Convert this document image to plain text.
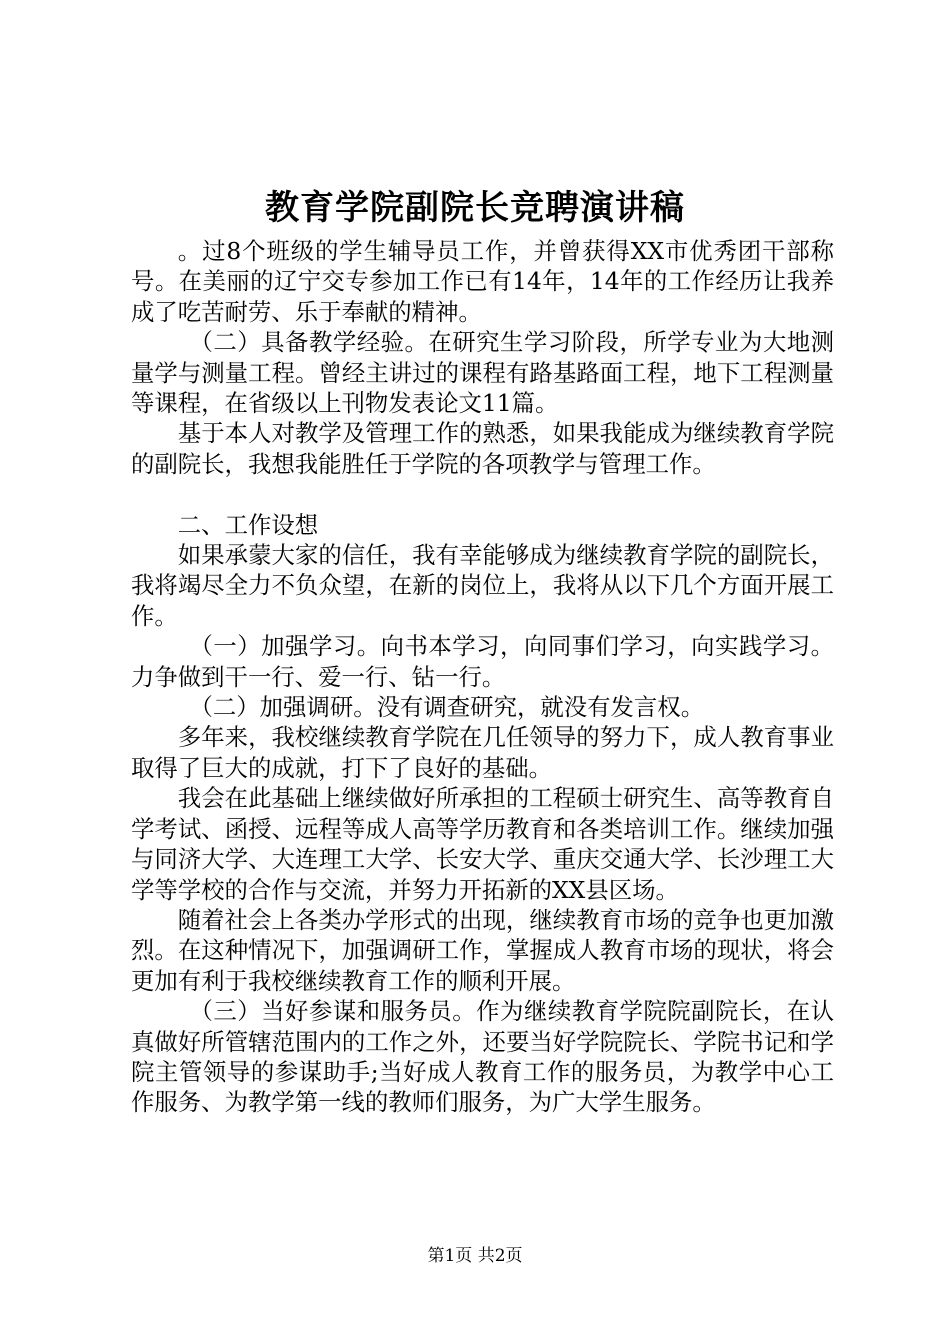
教育学院副院长竞聘演讲稿

。过8个班级的学生辅导员工作，并曾获得XX市优秀团干部称号。在美丽的辽宁交专参加工作已有14年，14年的工作经历让我养成了吃苦耐劳、乐于奉献的精神。

（二）具备教学经验。在研究生学习阶段，所学专业为大地测量学与测量工程。曾经主讲过的课程有路基路面工程，地下工程测量等课程，在省级以上刊物发表论文11篇。

基于本人对教学及管理工作的熟悉，如果我能成为继续教育学院的副院长，我想我能胜任于学院的各项教学与管理工作。

二、工作设想

如果承蒙大家的信任，我有幸能够成为继续教育学院的副院长，我将竭尽全力不负众望，在新的岗位上，我将从以下几个方面开展工作。

（一）加强学习。向书本学习，向同事们学习，向实践学习。力争做到干一行、爱一行、钻一行。

（二）加强调研。没有调查研究，就没有发言权。

多年来，我校继续教育学院在几任领导的努力下，成人教育事业取得了巨大的成就，打下了良好的基础。

我会在此基础上继续做好所承担的工程硕士研究生、高等教育自学考试、函授、远程等成人高等学历教育和各类培训工作。继续加强与同济大学、大连理工大学、长安大学、重庆交通大学、长沙理工大学等学校的合作与交流，并努力开拓新的XX县区场。

随着社会上各类办学形式的出现，继续教育市场的竞争也更加激烈。在这种情况下，加强调研工作，掌握成人教育市场的现状，将会更加有利于我校继续教育工作的顺利开展。

（三）当好参谋和服务员。作为继续教育学院院副院长，在认真做好所管辖范围内的工作之外，还要当好学院院长、学院书记和学院主管领导的参谋助手;当好成人教育工作的服务员，为教学中心工作服务、为教学第一线的教师们服务，为广大学生服务。

第1页 共2页
